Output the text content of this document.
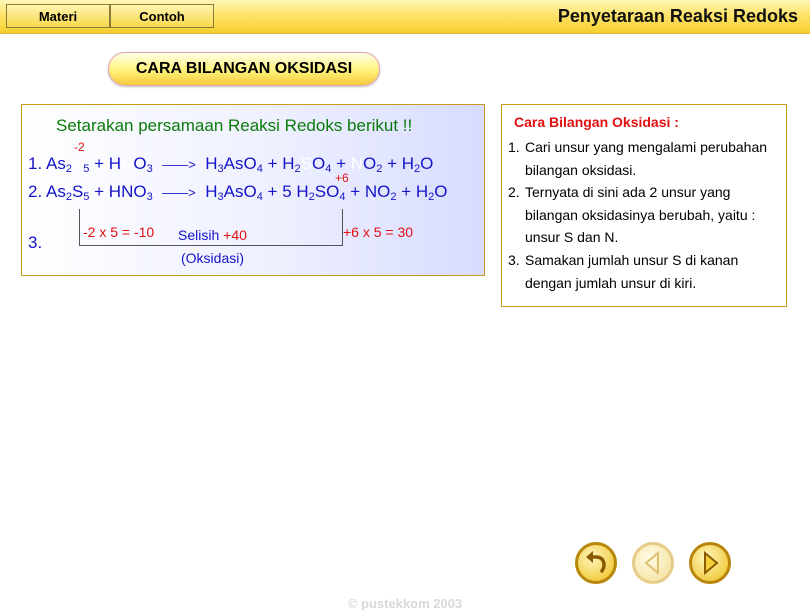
Materi	Contoh	Penyetaraan Reaksi Redoks
CARA BILANGAN OKSIDASI
Setarakan persamaan Reaksi Redoks berikut !!
-2
+6
1. $As_2S_5 + HNO_3$ ——> $H_3AsO_4 + H_2SO_4 + NO_2 + H_2O$
2. $As_2S_5 + HNO_3$ ——> $H_3AsO_4 + 5$ $H_2SO_4 + NO_2 + H_2O$
3.
-2 x 5 = -10 Selisih +40	+6 x 5 = 30
(Oksidasi)
Cara Bilangan Oksidasi :
1. Cari unsur yang mengalami perubahan bilangan oksidasi.
2. Ternyata di sini ada 2 unsur yang bilangan oksidasinya berubah, yaitu : unsur S dan N.
3. Samakan jumlah unsur S di kanan dengan jumlah unsur di kiri.
© pustekkom 2003
